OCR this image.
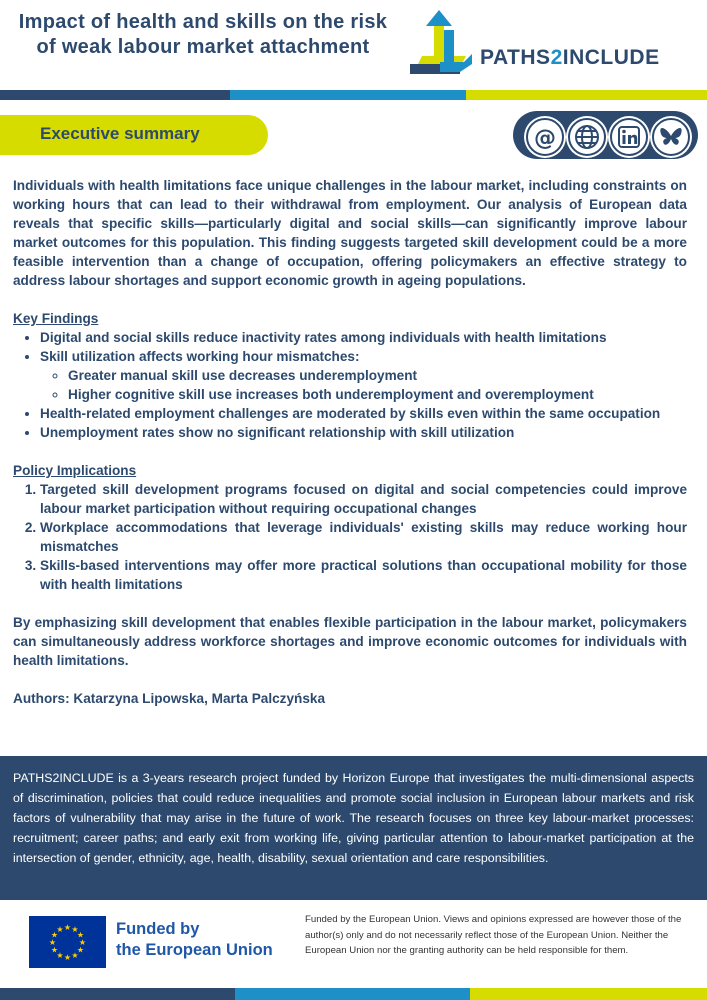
Impact of health and skills on the risk of weak labour market attachment	PATHS2INCLUDE
Executive summary	@

Individuals with health limitations face unique challenges in the labour market, including constraints on working hours that can lead to their withdrawal from employment. Our analysis of European data reveals that specific skills—particularly digital and social skills—can significantly improve labour market outcomes for this population. This finding suggests targeted skill development could be a more feasible intervention than a change of occupation, offering policymakers an effective strategy to address labour shortages and support economic growth in ageing populations.

Key Findings

• Digital and social skills reduce inactivity rates among individuals with health limitations
• Skill utilization affects working hour mismatches:
◦ Greater manual skill use decreases underemployment
◦ Higher cognitive skill use increases both underemployment and overemployment
• Health-related employment challenges are moderated by skills even within the same occupation
• Unemployment rates show no significant relationship with skill utilization

Policy Implications

1. Targeted skill development programs focused on digital and social competencies could improve labour market participation without requiring occupational changes
2. Workplace accommodations that leverage individuals' existing skills may reduce working hour mismatches
3. Skills-based interventions may offer more practical solutions than occupational mobility for those with health limitations

By emphasizing skill development that enables flexible participation in the labour market, policymakers can simultaneously address workforce shortages and improve economic outcomes for individuals with health limitations.

Authors: Katarzyna Lipowska, Marta Palczyńska

PATHS2INCLUDE is a 3-years research project funded by Horizon Europe that investigates the multi-dimensional aspects of discrimination, policies that could reduce inequalities and promote social inclusion in European labour markets and risk factors of vulnerability that may arise in the future of work. The research focuses on three key labour-market processes: recruitment; career paths; and early exit from working life, giving particular attention to labour-market participation at the intersection of gender, ethnicity, age, health, disability, sexual orientation and care responsibilities.

★ ★
★
★
★
★
★
★
★
★
★
★	Funded by
the European Union
Funded by the European Union. Views and opinions expressed are however those of the author(s) only and do not necessarily reflect those of the European Union. Neither the European Union nor the granting authority can be held responsible for them.
